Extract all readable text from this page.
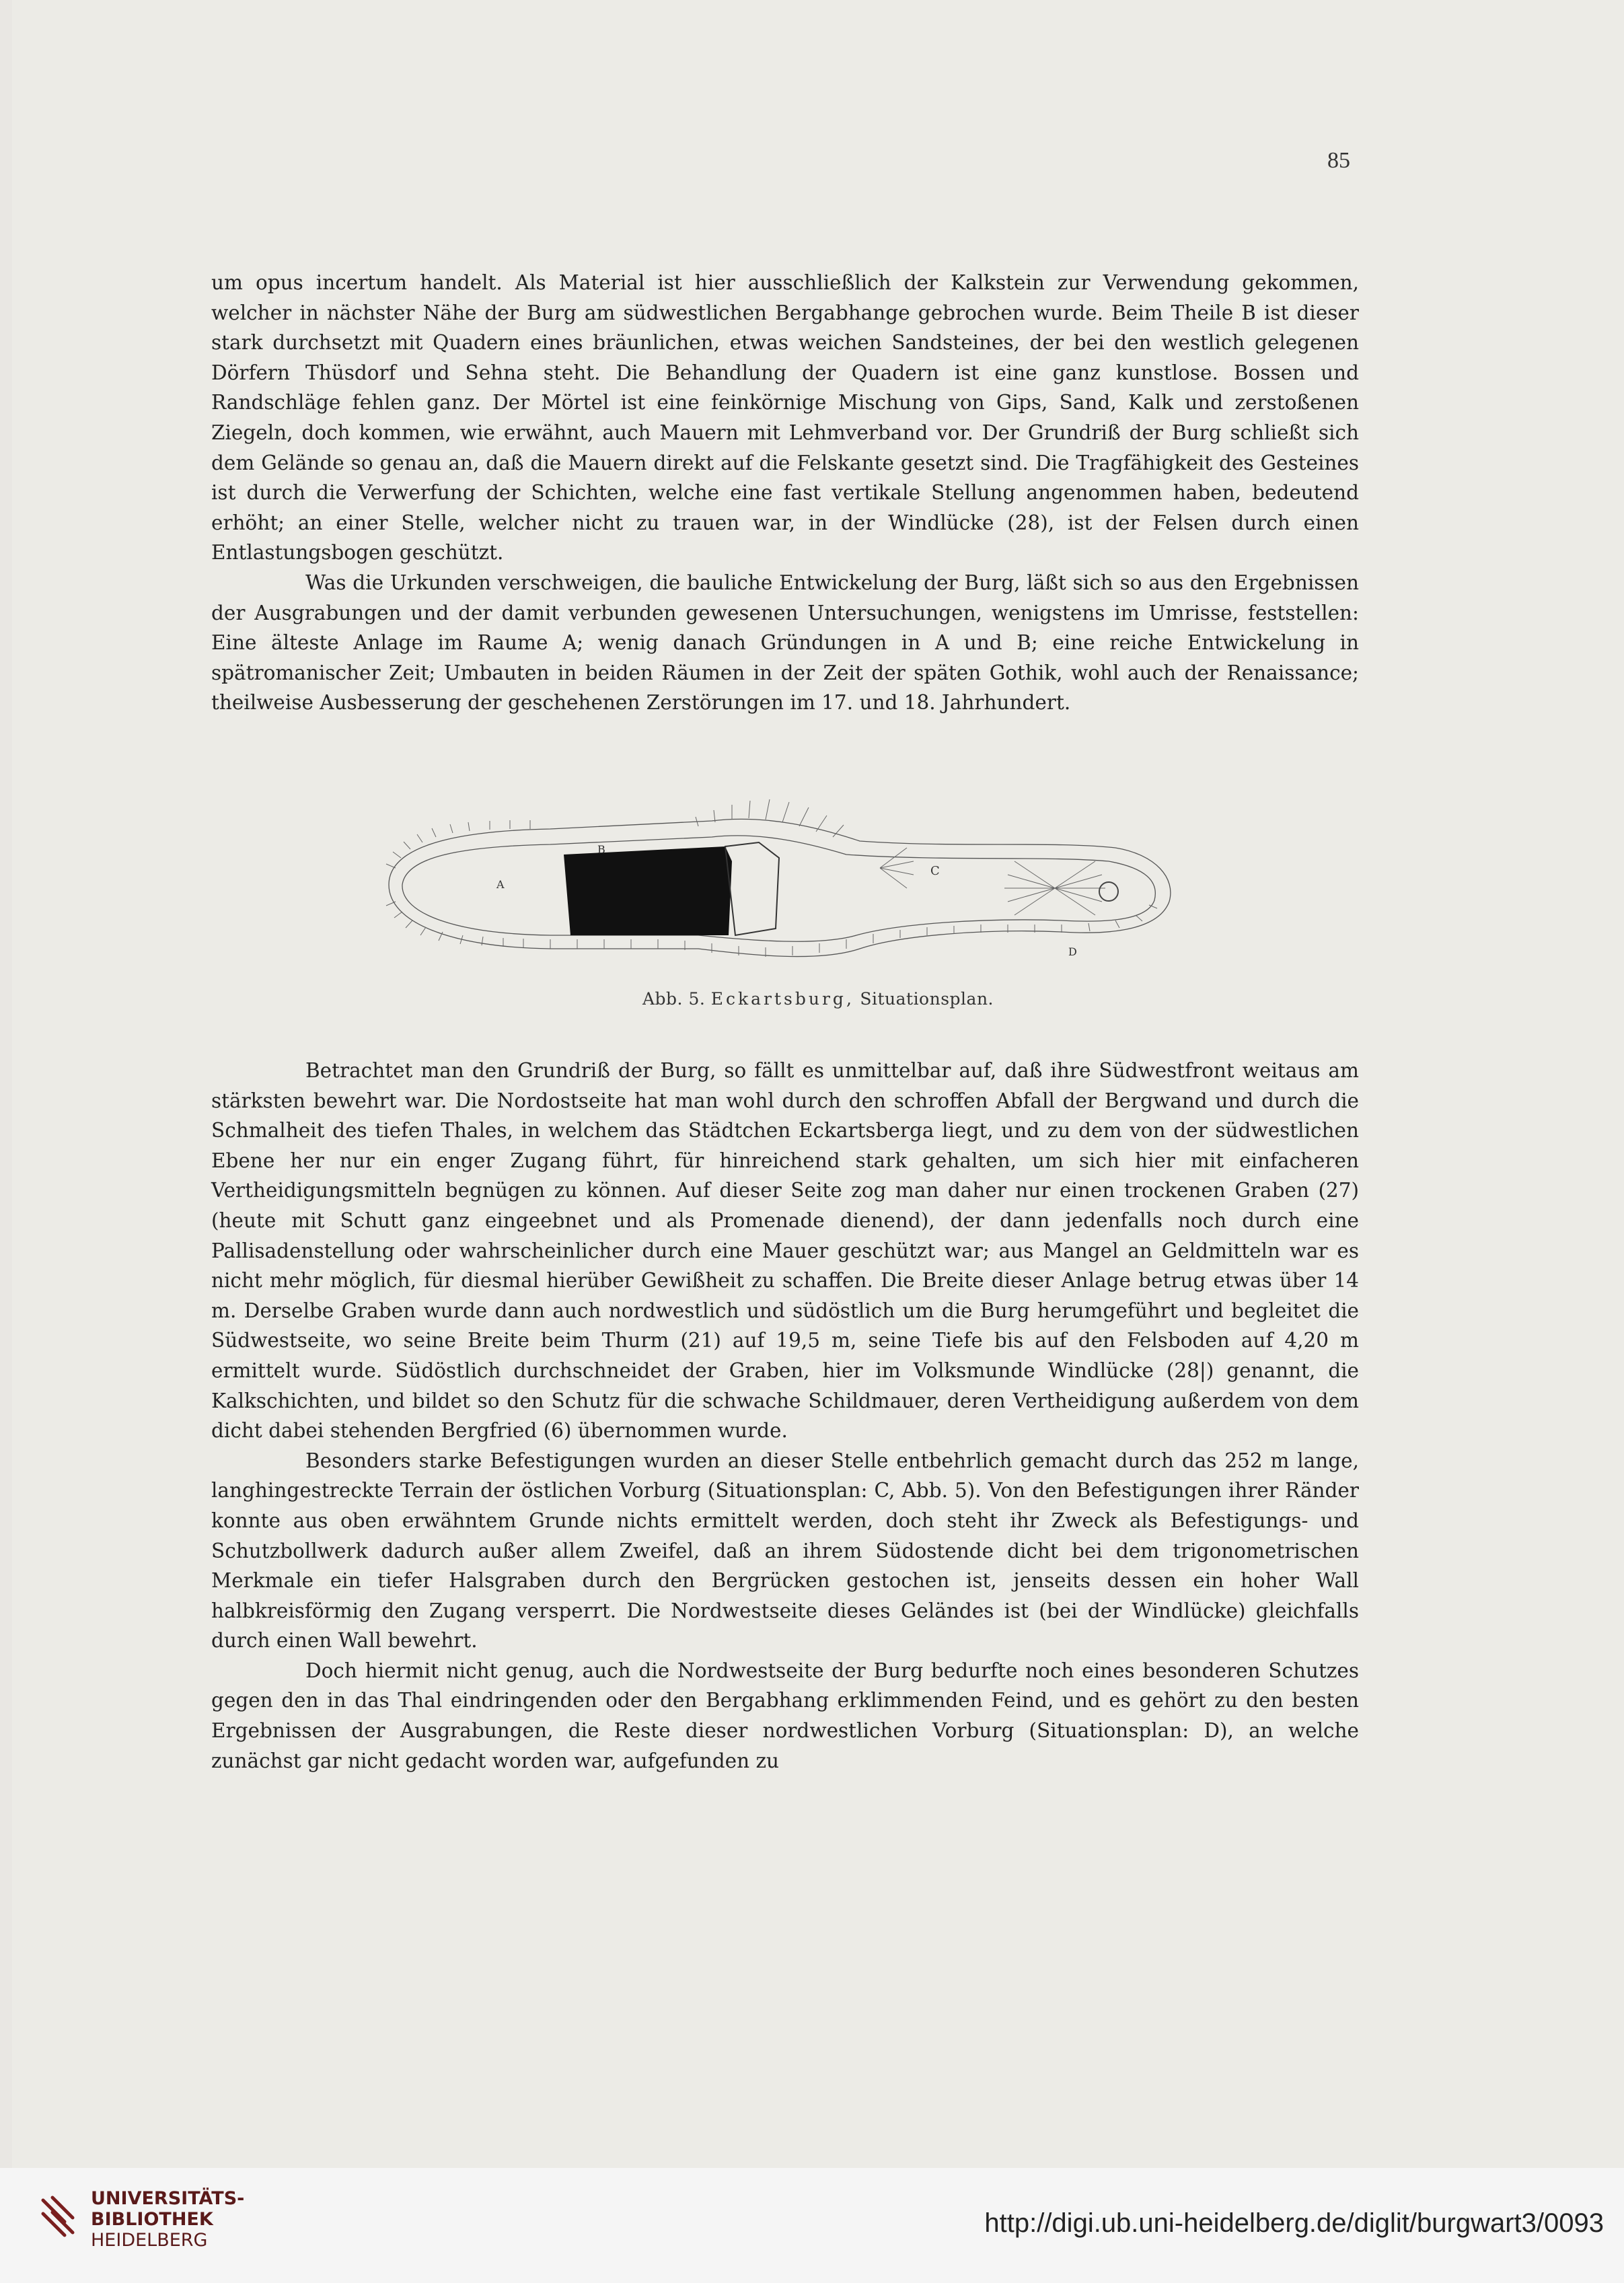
85

um opus incertum handelt. Als Material ist hier ausschließlich der Kalkstein zur Verwendung gekommen, welcher in nächster Nähe der Burg am südwestlichen Bergabhange gebrochen wurde. Beim Theile B ist dieser stark durchsetzt mit Quadern eines bräunlichen, etwas weichen Sandsteines, der bei den westlich gelegenen Dörfern Thüsdorf und Sehna steht. Die Behandlung der Quadern ist eine ganz kunstlose. Bossen und Randschläge fehlen ganz. Der Mörtel ist eine feinkörnige Mischung von Gips, Sand, Kalk und zerstoßenen Ziegeln, doch kommen, wie erwähnt, auch Mauern mit Lehmverband vor. Der Grundriß der Burg schließt sich dem Gelände so genau an, daß die Mauern direkt auf die Felskante gesetzt sind. Die Tragfähigkeit des Gesteines ist durch die Verwerfung der Schichten, welche eine fast vertikale Stellung angenommen haben, bedeutend erhöht; an einer Stelle, welcher nicht zu trauen war, in der Windlücke (28), ist der Felsen durch einen Entlastungsbogen geschützt.

Was die Urkunden verschweigen, die bauliche Entwickelung der Burg, läßt sich so aus den Ergebnissen der Ausgrabungen und der damit verbunden gewesenen Untersuchungen, wenigstens im Umrisse, feststellen: Eine älteste Anlage im Raume A; wenig danach Gründungen in A und B; eine reiche Entwickelung in spätromanischer Zeit; Umbauten in beiden Räumen in der Zeit der späten Gothik, wohl auch der Renaissance; theilweise Ausbesserung der geschehenen Zerstörungen im 17. und 18. Jahrhundert.

A
B
C
D
Abb. 5. Eckartsburg, Situationsplan.

Betrachtet man den Grundriß der Burg, so fällt es unmittelbar auf, daß ihre Südwestfront weitaus am stärksten bewehrt war. Die Nordostseite hat man wohl durch den schroffen Abfall der Bergwand und durch die Schmalheit des tiefen Thales, in welchem das Städtchen Eckartsberga liegt, und zu dem von der südwestlichen Ebene her nur ein enger Zugang führt, für hinreichend stark gehalten, um sich hier mit einfacheren Vertheidigungsmitteln begnügen zu können. Auf dieser Seite zog man daher nur einen trockenen Graben (27) (heute mit Schutt ganz eingeebnet und als Promenade dienend), der dann jedenfalls noch durch eine Pallisadenstellung oder wahrscheinlicher durch eine Mauer geschützt war; aus Mangel an Geldmitteln war es nicht mehr möglich, für diesmal hierüber Gewißheit zu schaffen. Die Breite dieser Anlage betrug etwas über 14 m. Derselbe Graben wurde dann auch nordwestlich und südöstlich um die Burg herumgeführt und begleitet die Südwestseite, wo seine Breite beim Thurm (21) auf 19,5 m, seine Tiefe bis auf den Felsboden auf 4,20 m ermittelt wurde. Südöstlich durchschneidet der Graben, hier im Volksmunde Windlücke (28|) genannt, die Kalkschichten, und bildet so den Schutz für die schwache Schildmauer, deren Vertheidigung außerdem von dem dicht dabei stehenden Bergfried (6) übernommen wurde.

Besonders starke Befestigungen wurden an dieser Stelle entbehrlich gemacht durch das 252 m lange, langhingestreckte Terrain der östlichen Vorburg (Situationsplan: C, Abb. 5). Von den Befestigungen ihrer Ränder konnte aus oben erwähntem Grunde nichts ermittelt werden, doch steht ihr Zweck als Befestigungs- und Schutzbollwerk dadurch außer allem Zweifel, daß an ihrem Südostende dicht bei dem trigonometrischen Merkmale ein tiefer Halsgraben durch den Bergrücken gestochen ist, jenseits dessen ein hoher Wall halbkreisförmig den Zugang versperrt. Die Nordwestseite dieses Geländes ist (bei der Windlücke) gleichfalls durch einen Wall bewehrt.

Doch hiermit nicht genug, auch die Nordwestseite der Burg bedurfte noch eines besonderen Schutzes gegen den in das Thal eindringenden oder den Bergabhang erklimmenden Feind, und es gehört zu den besten Ergebnissen der Ausgrabungen, die Reste dieser nordwestlichen Vorburg (Situationsplan: D), an welche zunächst gar nicht gedacht worden war, aufgefunden zu

UNIVERSITÄTS-
BIBLIOTHEK
HEIDELBERG
http://digi.ub.uni-heidelberg.de/diglit/burgwart3/0093
